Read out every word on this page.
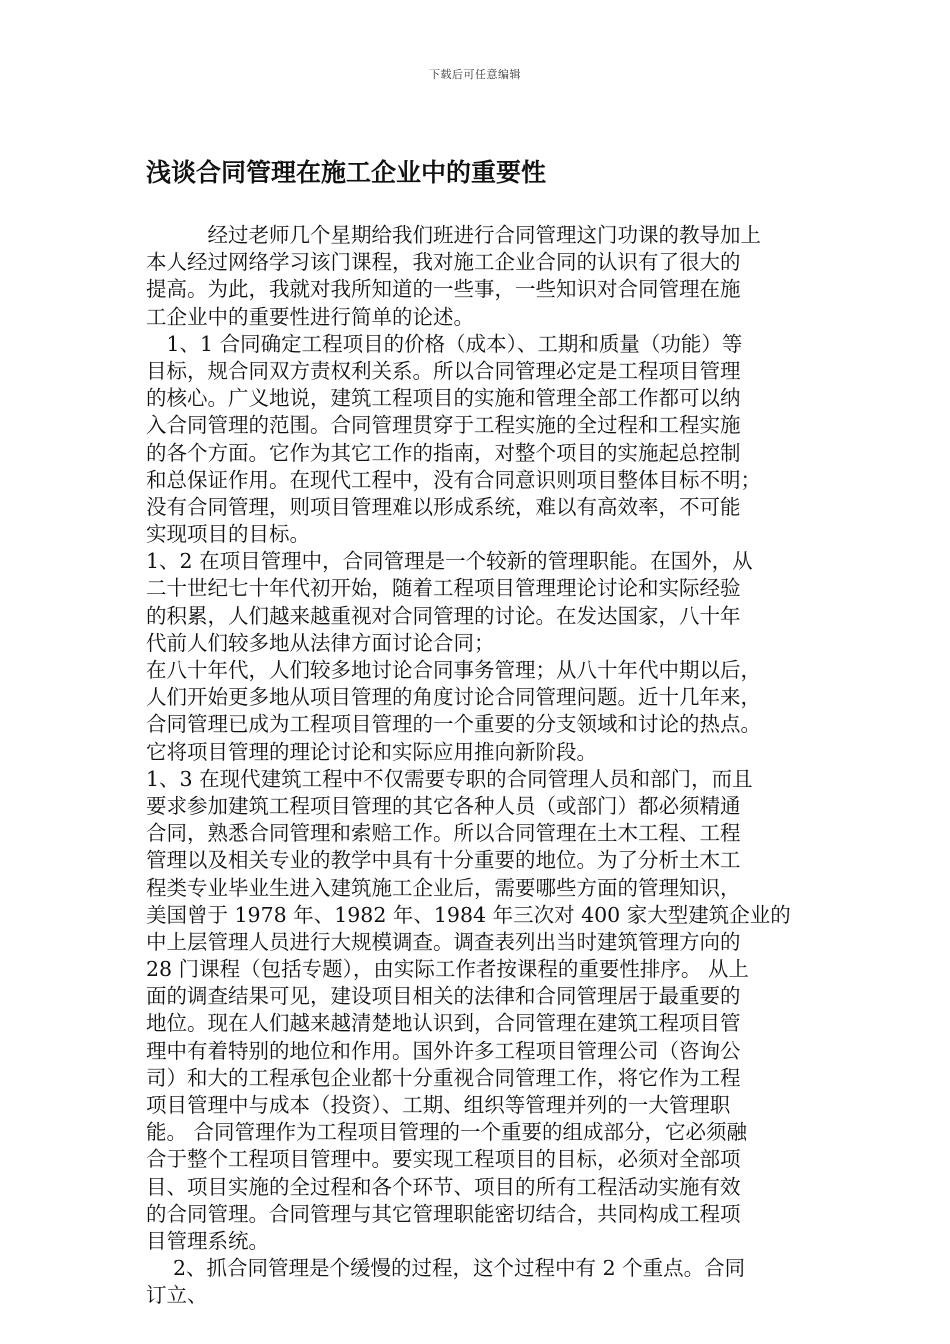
下载后可任意编辑
浅谈合同管理在施工企业中的重要性
　　　经过老师几个星期给我们班进行合同管理这门功课的教导加上
本人经过网络学习该门课程，我对施工企业合同的认识有了很大的
提高。为此，我就对我所知道的一些事，一些知识对合同管理在施
工企业中的重要性进行简单的论述。
　1、1 合同确定工程项目的价格（成本）、工期和质量（功能）等
目标，规合同双方责权利关系。所以合同管理必定是工程项目管理
的核心。广义地说，建筑工程项目的实施和管理全部工作都可以纳
入合同管理的范围。合同管理贯穿于工程实施的全过程和工程实施
的各个方面。它作为其它工作的指南，对整个项目的实施起总控制
和总保证作用。在现代工程中，没有合同意识则项目整体目标不明；
没有合同管理，则项目管理难以形成系统，难以有高效率，不可能
实现项目的目标。
1、2 在项目管理中，合同管理是一个较新的管理职能。在国外，从
二十世纪七十年代初开始，随着工程项目管理理论讨论和实际经验
的积累，人们越来越重视对合同管理的讨论。在发达国家，八十年
代前人们较多地从法律方面讨论合同；
在八十年代，人们较多地讨论合同事务管理；从八十年代中期以后，
人们开始更多地从项目管理的角度讨论合同管理问题。近十几年来，
合同管理已成为工程项目管理的一个重要的分支领域和讨论的热点。
它将项目管理的理论讨论和实际应用推向新阶段。
1、3 在现代建筑工程中不仅需要专职的合同管理人员和部门，而且
要求参加建筑工程项目管理的其它各种人员（或部门）都必须精通
合同，熟悉合同管理和索赔工作。所以合同管理在土木工程、工程
管理以及相关专业的教学中具有十分重要的地位。为了分析土木工
程类专业毕业生进入建筑施工企业后，需要哪些方面的管理知识，
美国曾于 1978 年、1982 年、1984 年三次对 400 家大型建筑企业的
中上层管理人员进行大规模调查。调查表列出当时建筑管理方向的
28 门课程（包括专题），由实际工作者按课程的重要性排序。 从上
面的调查结果可见，建设项目相关的法律和合同管理居于最重要的
地位。现在人们越来越清楚地认识到，合同管理在建筑工程项目管
理中有着特别的地位和作用。国外许多工程项目管理公司（咨询公
司）和大的工程承包企业都十分重视合同管理工作，将它作为工程
项目管理中与成本（投资）、工期、组织等管理并列的一大管理职
能。 合同管理作为工程项目管理的一个重要的组成部分，它必须融
合于整个工程项目管理中。要实现工程项目的目标，必须对全部项
目、项目实施的全过程和各个环节、项目的所有工程活动实施有效
的合同管理。合同管理与其它管理职能密切结合，共同构成工程项
目管理系统。
　 2、抓合同管理是个缓慢的过程，这个过程中有 2 个重点。合同
订立、
